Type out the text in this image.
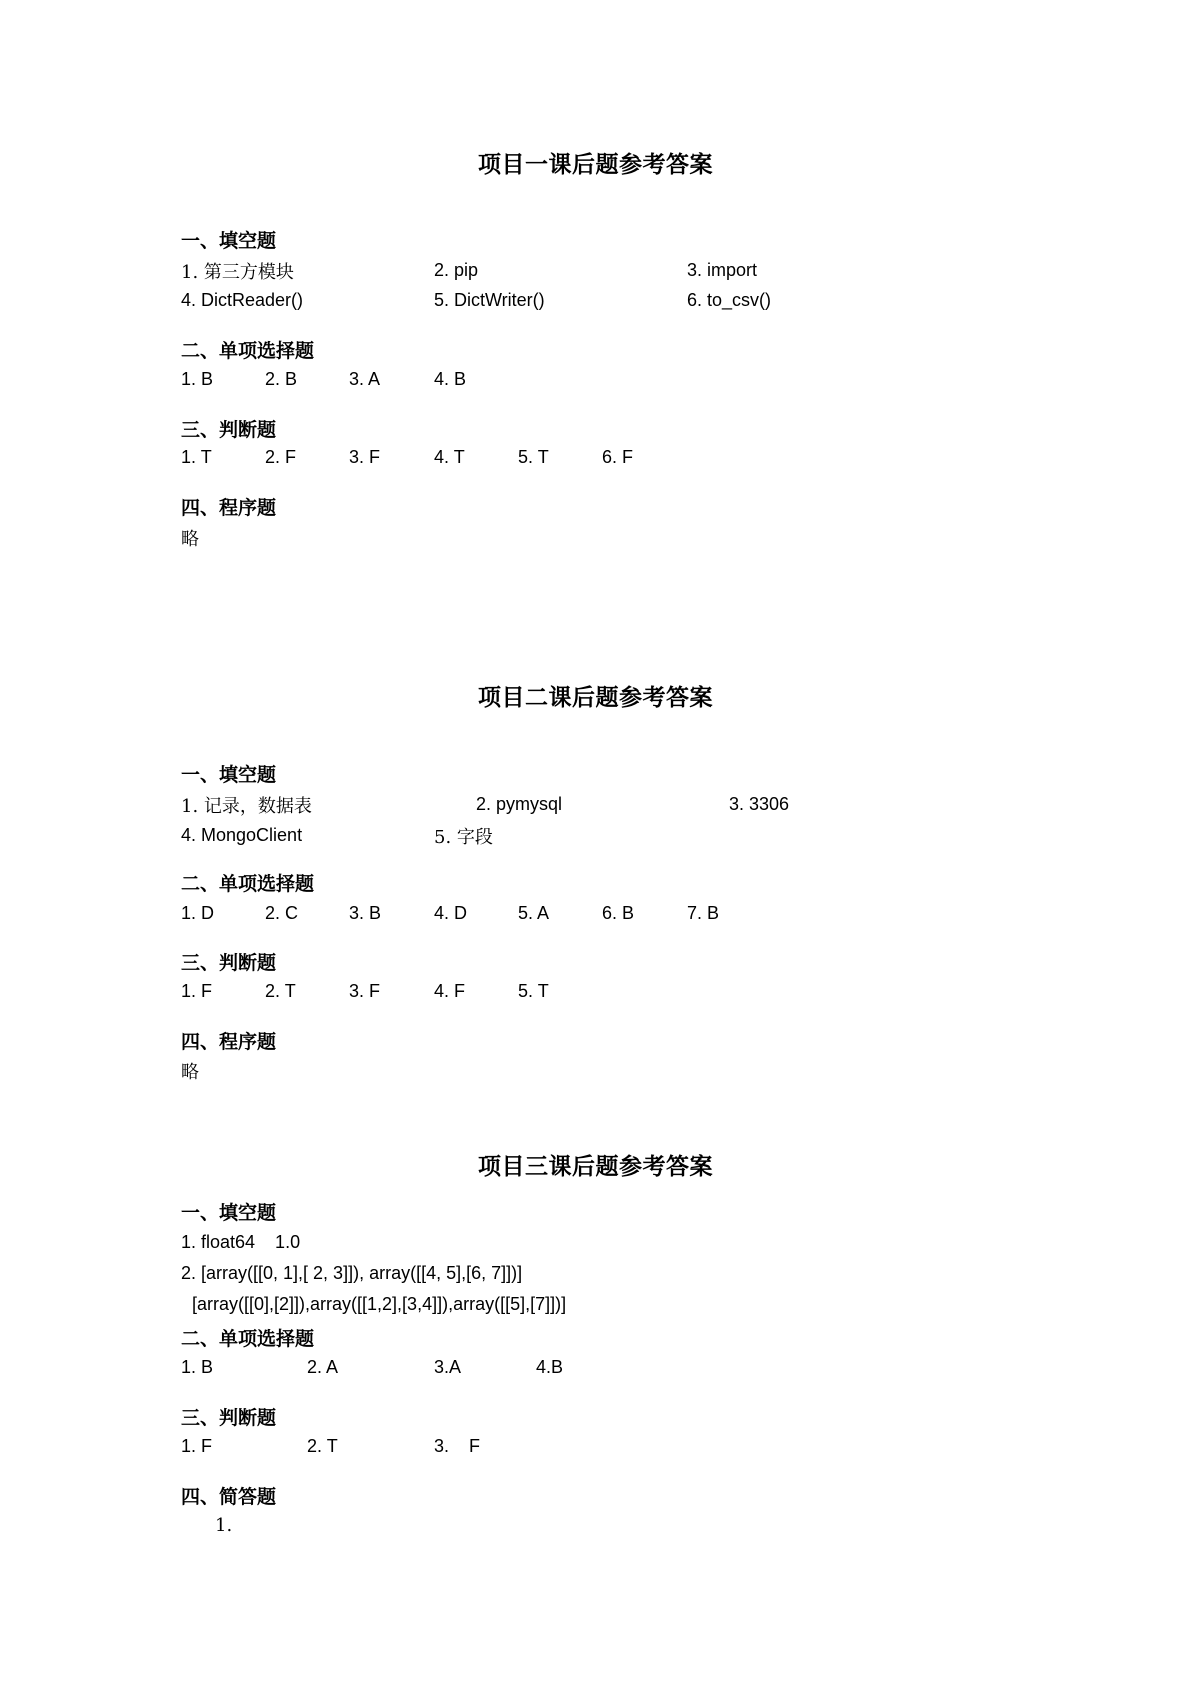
项目一课后题参考答案
一、填空题
1. 第三方模块	2. pip	3. import
4. DictReader()	5. DictWriter()	6. to_csv()
二、单项选择题
1. B	2. B	3. A	4. B
三、判断题
1. T	2. F	3. F	4. T	5. T	6. F
四、程序题
略
项目二课后题参考答案
一、填空题
1. 记录，数据表	2. pymysql	3. 3306
4. MongoClient	5. 字段
二、单项选择题
1. D	2. C	3. B	4. D	5. A	6. B	7. B
三、判断题
1. F	2. T	3. F	4. F	5. T
四、程序题
略
项目三课后题参考答案
一、填空题
1. float64    1.0
2. [array([[0, 1],[ 2, 3]]), array([[4, 5],[6, 7]])]
[array([[0],[2]]),array([[1,2],[3,4]]),array([[5],[7]])]
二、单项选择题
1. B	2. A	3.A	4.B
三、判断题
1. F	2. T	3.    F
四、简答题
1.
